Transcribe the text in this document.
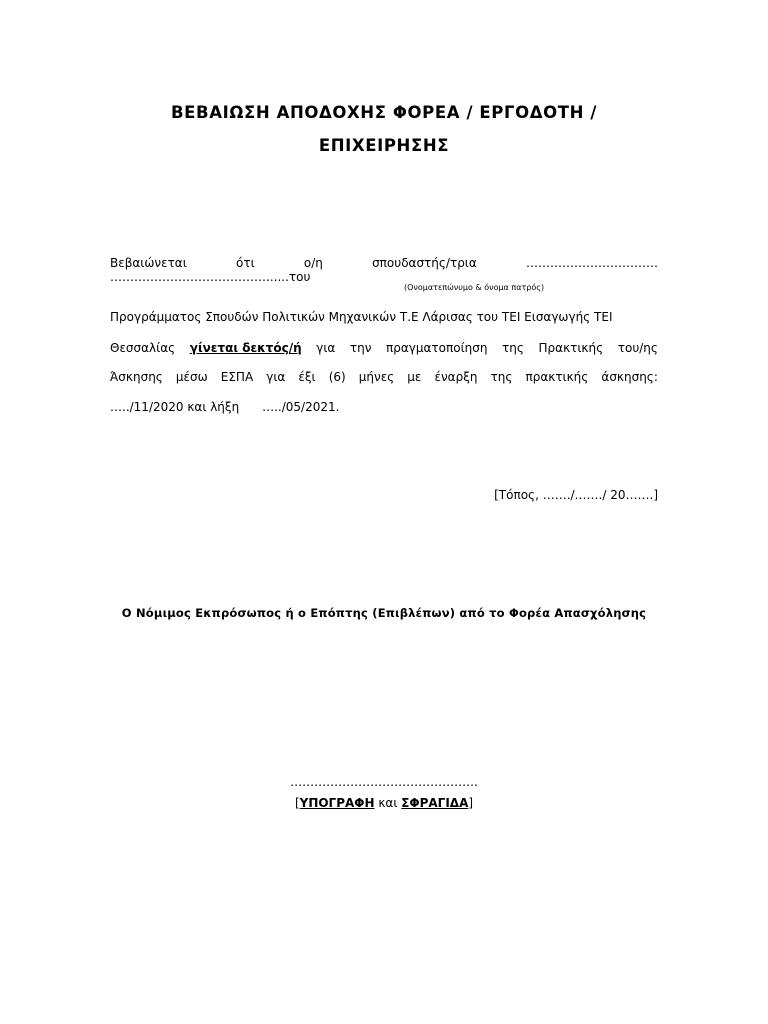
ΒΕΒΑΙΩΣΗ ΑΠΟΔΟΧΗΣ ΦΟΡΕΑ / ΕΡΓΟΔΟΤΗ /
ΕΠΙΧΕΙΡΗΣΗΣ
Βεβαιώνεται	ότι	ο/η	σπουδαστής/τρια	……………………………
…………………………………......του
(Ονοματεπώνυμο & όνομα πατρός)
Προγράμματος Σπουδών Πολιτικών Μηχανικών Τ.Ε Λάρισας του ΤΕΙ Εισαγωγής ΤΕΙ
Θεσσαλίας γίνεται δεκτός/ή για την πραγματοποίηση της Πρακτικής του/ης
Άσκησης μέσω ΕΣΠΑ για έξι (6) μήνες με έναρξη της πρακτικής άσκησης:
…../11/2020 και λήξη      …../05/2021.
[Τόπος, ……./……./ 20…….]
Ο Νόμιμος Εκπρόσωπος ή ο Επόπτης (Επιβλέπων) από το Φορέα Απασχόλησης
………………………………………..
[ΥΠΟΓΡΑΦΗ και ΣΦΡΑΓΙΔΑ]
